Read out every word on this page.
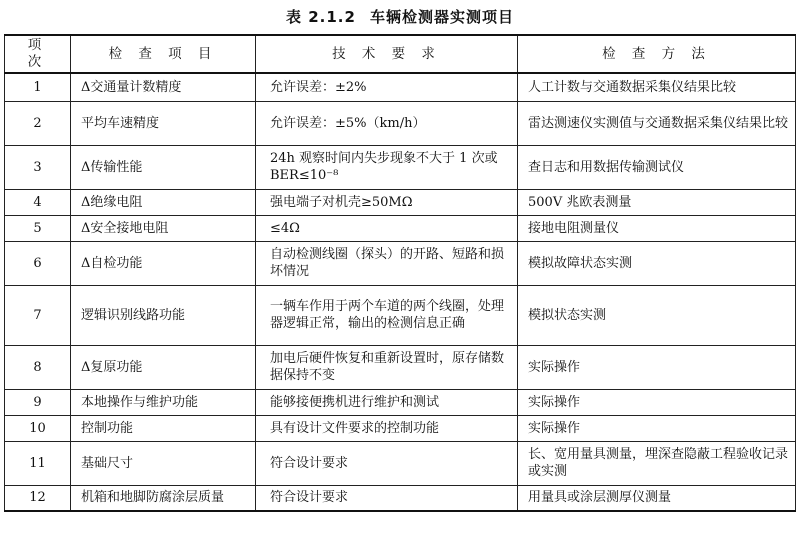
表 2.1.2 车辆检测器实测项目
项　次	检 查 项 目	技 术 要 求	检 查 方 法
1	Δ交通量计数精度	允许误差：±2%	人工计数与交通数据采集仪结果比较
2	平均车速精度	允许误差：±5%（km/h）	雷达测速仪实测值与交通数据采集仪结果比较
3	Δ传输性能	24h 观察时间内失步现象不大于 1 次或 BER≤10⁻⁸	查日志和用数据传输测试仪
4	Δ绝缘电阻	强电端子对机壳≥50MΩ	500V 兆欧表测量
5	Δ安全接地电阻	≤4Ω	接地电阻测量仪
6	Δ自检功能	自动检测线圈（探头）的开路、短路和损坏情况	模拟故障状态实测
7	逻辑识别线路功能	一辆车作用于两个车道的两个线圈，处理器逻辑正常，输出的检测信息正确	模拟状态实测
8	Δ复原功能	加电后硬件恢复和重新设置时，原存储数据保持不变	实际操作
9	本地操作与维护功能	能够接便携机进行维护和测试	实际操作
10	控制功能	具有设计文件要求的控制功能	实际操作
11	基础尺寸	符合设计要求	长、宽用量具测量，埋深查隐蔽工程验收记录或实测
12	机箱和地脚防腐涂层质量	符合设计要求	用量具或涂层测厚仪测量
